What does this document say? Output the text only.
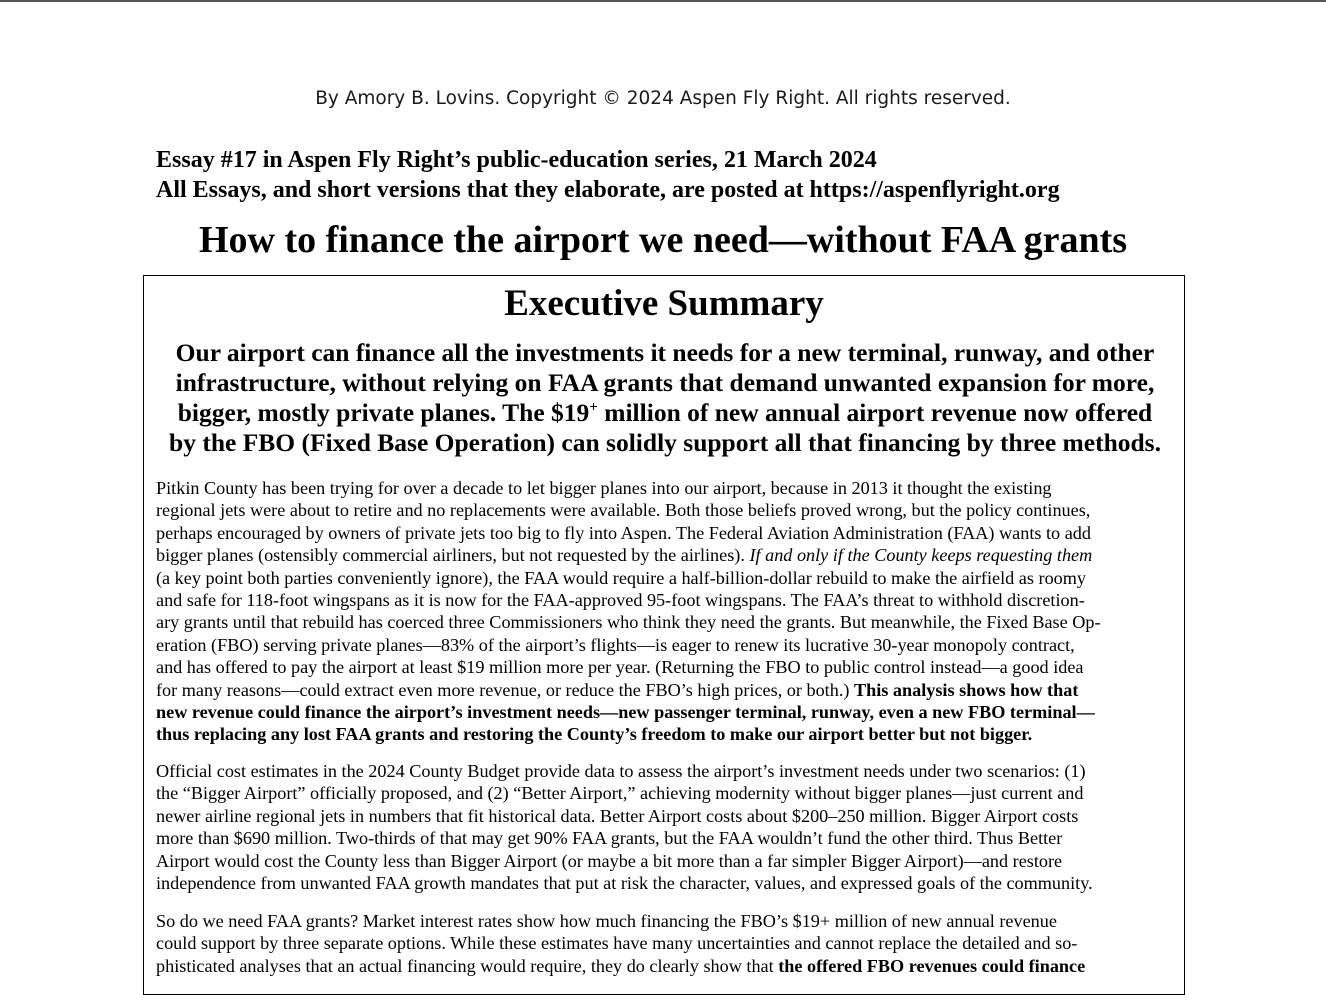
By Amory B. Lovins. Copyright © 2024 Aspen Fly Right. All rights reserved.
Essay #17 in Aspen Fly Right’s public-education series, 21 March 2024
All Essays, and short versions that they elaborate, are posted at https://aspenflyright.org
How to finance the airport we need—without FAA grants
Executive Summary
Our airport can finance all the investments it needs for a new terminal, runway, and other
infrastructure, without relying on FAA grants that demand unwanted expansion for more,
bigger, mostly private planes. The $19+ million of new annual airport revenue now offered
by the FBO (Fixed Base Operation) can solidly support all that financing by three methods.
Pitkin County has been trying for over a decade to let bigger planes into our airport, because in 2013 it thought the existing
regional jets were about to retire and no replacements were available. Both those beliefs proved wrong, but the policy continues,
perhaps encouraged by owners of private jets too big to fly into Aspen. The Federal Aviation Administration (FAA) wants to add
bigger planes (ostensibly commercial airliners, but not requested by the airlines). If and only if the County keeps requesting them
(a key point both parties conveniently ignore), the FAA would require a half-billion-dollar rebuild to make the airfield as roomy
and safe for 118-foot wingspans as it is now for the FAA-approved 95-foot wingspans. The FAA’s threat to withhold discretion-
ary grants until that rebuild has coerced three Commissioners who think they need the grants. But meanwhile, the Fixed Base Op-
eration (FBO) serving private planes—83% of the airport’s flights—is eager to renew its lucrative 30-year monopoly contract,
and has offered to pay the airport at least $19 million more per year. (Returning the FBO to public control instead—a good idea
for many reasons—could extract even more revenue, or reduce the FBO’s high prices, or both.) This analysis shows how that
new revenue could finance the airport’s investment needs—new passenger terminal, runway, even a new FBO terminal—
thus replacing any lost FAA grants and restoring the County’s freedom to make our airport better but not bigger.
Official cost estimates in the 2024 County Budget provide data to assess the airport’s investment needs under two scenarios: (1)
the “Bigger Airport” officially proposed, and (2) “Better Airport,” achieving modernity without bigger planes—just current and
newer airline regional jets in numbers that fit historical data. Better Airport costs about $200–250 million. Bigger Airport costs
more than $690 million. Two-thirds of that may get 90% FAA grants, but the FAA wouldn’t fund the other third. Thus Better
Airport would cost the County less than Bigger Airport (or maybe a bit more than a far simpler Bigger Airport)—and restore
independence from unwanted FAA growth mandates that put at risk the character, values, and expressed goals of the community.
So do we need FAA grants? Market interest rates show how much financing the FBO’s $19+ million of new annual revenue
could support by three separate options. While these estimates have many uncertainties and cannot replace the detailed and so-
phisticated analyses that an actual financing would require, they do clearly show that the offered FBO revenues could finance
